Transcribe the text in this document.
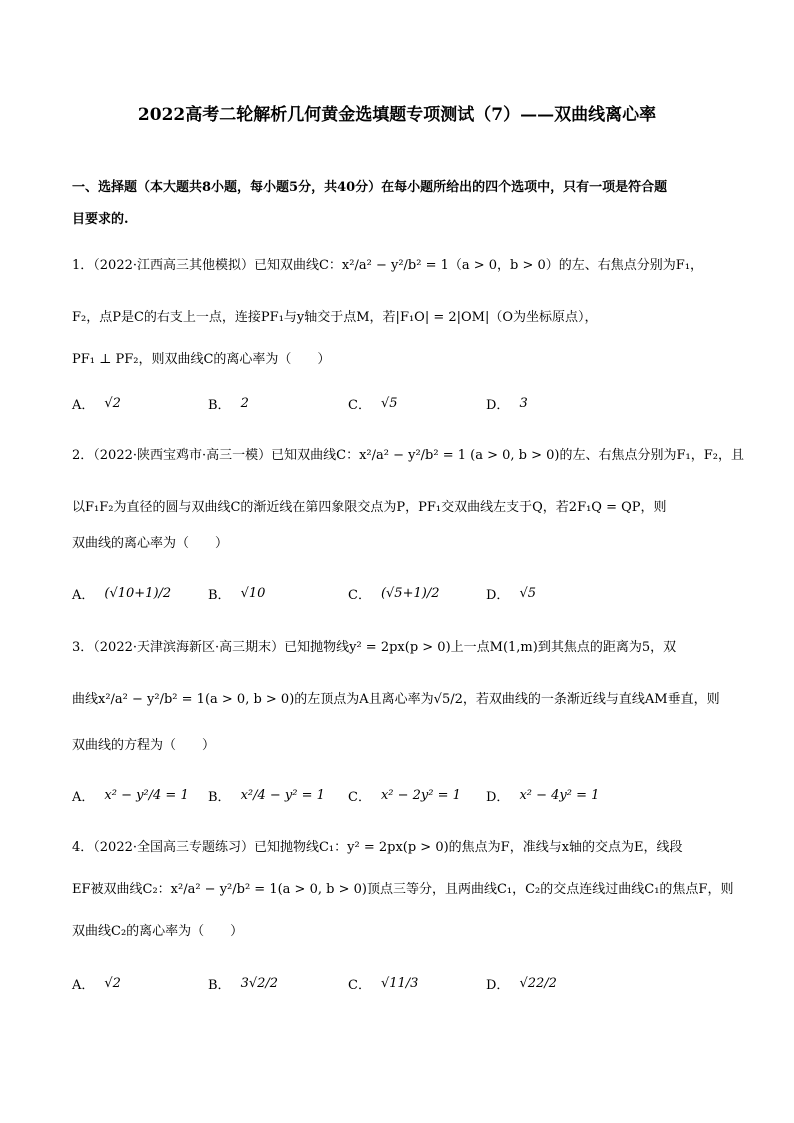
2022高考二轮解析几何黄金选填题专项测试（7）——双曲线离心率
一、选择题（本大题共8小题，每小题5分，共40分）在每小题所给出的四个选项中，只有一项是符合题
目要求的.
1．（2022·江西高三其他模拟）已知双曲线C：x²/a² − y²/b² = 1（a > 0，b > 0）的左、右焦点分别为F₁，
F₂，点P是C的右支上一点，连接PF₁与y轴交于点M，若|F₁O| = 2|OM|（O为坐标原点），
PF₁ ⊥ PF₂，则双曲线C的离心率为（　　）
A． √2	B． 2	C． √5	D． 3
2．（2022·陕西宝鸡市·高三一模）已知双曲线C：x²/a² − y²/b² = 1 (a > 0, b > 0)的左、右焦点分别为F₁，F₂，且
以F₁F₂为直径的圆与双曲线C的渐近线在第四象限交点为P，PF₁交双曲线左支于Q，若2F₁Q = QP，则
双曲线的离心率为（　　）
A． (√10+1)/2	B． √10	C． (√5+1)/2	D． √5
3．（2022·天津滨海新区·高三期末）已知抛物线y² = 2px(p > 0)上一点M(1,m)到其焦点的距离为5，双
曲线x²/a² − y²/b² = 1(a > 0, b > 0)的左顶点为A且离心率为√5/2，若双曲线的一条渐近线与直线AM垂直，则
双曲线的方程为（　　）
A． x² − y²/4 = 1 B． x²/4 − y² = 1 C． x² − 2y² = 1 D． x² − 4y² = 1
4．（2022·全国高三专题练习）已知抛物线C₁：y² = 2px(p > 0)的焦点为F，准线与x轴的交点为E，线段
EF被双曲线C₂：x²/a² − y²/b² = 1(a > 0, b > 0)顶点三等分，且两曲线C₁，C₂的交点连线过曲线C₁的焦点F，则
双曲线C₂的离心率为（　　）
A． √2	B． 3√2/2	C． √11/3	D． √22/2
